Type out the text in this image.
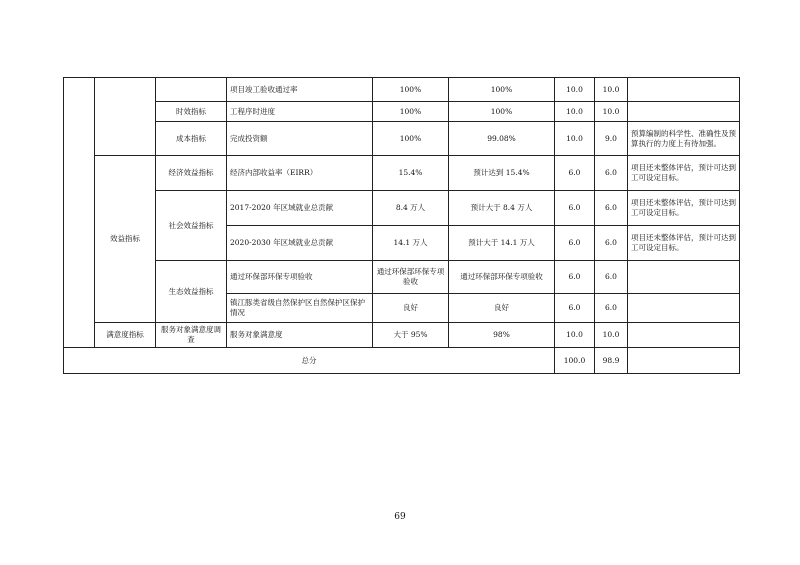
			项目竣工验收通过率	100%	100%	10.0	10.0	
		时效指标	工程序时进度	100%	100%	10.0	10.0	
		成本指标	完成投资额	100%	99.08%	10.0	9.0	预算编制的科学性、准确性及预算执行的力度上有待加强。
	效益指标	经济效益指标	经济内部收益率（EIRR）	15.4%	预计达到 15.4%	6.0	6.0	项目还未整体评估，预计可达到工可设定目标。
		社会效益指标	2017-2020 年区域就业总贡献	8.4 万人	预计大于 8.4 万人	6.0	6.0	项目还未整体评估，预计可达到工可设定目标。
			2020-2030 年区域就业总贡献	14.1 万人	预计大于 14.1 万人	6.0	6.0	项目还未整体评估，预计可达到工可设定目标。
		生态效益指标	通过环保部环保专项验收	通过环保部环保专项验收	通过环保部环保专项验收	6.0	6.0	
			镇江豚类省级自然保护区自然保护区保护情况	良好	良好	6.0	6.0	
	满意度指标	服务对象满意度调查	服务对象满意度	大于 95%	98%	10.0	10.0	
总分						100.0	98.9	
69
